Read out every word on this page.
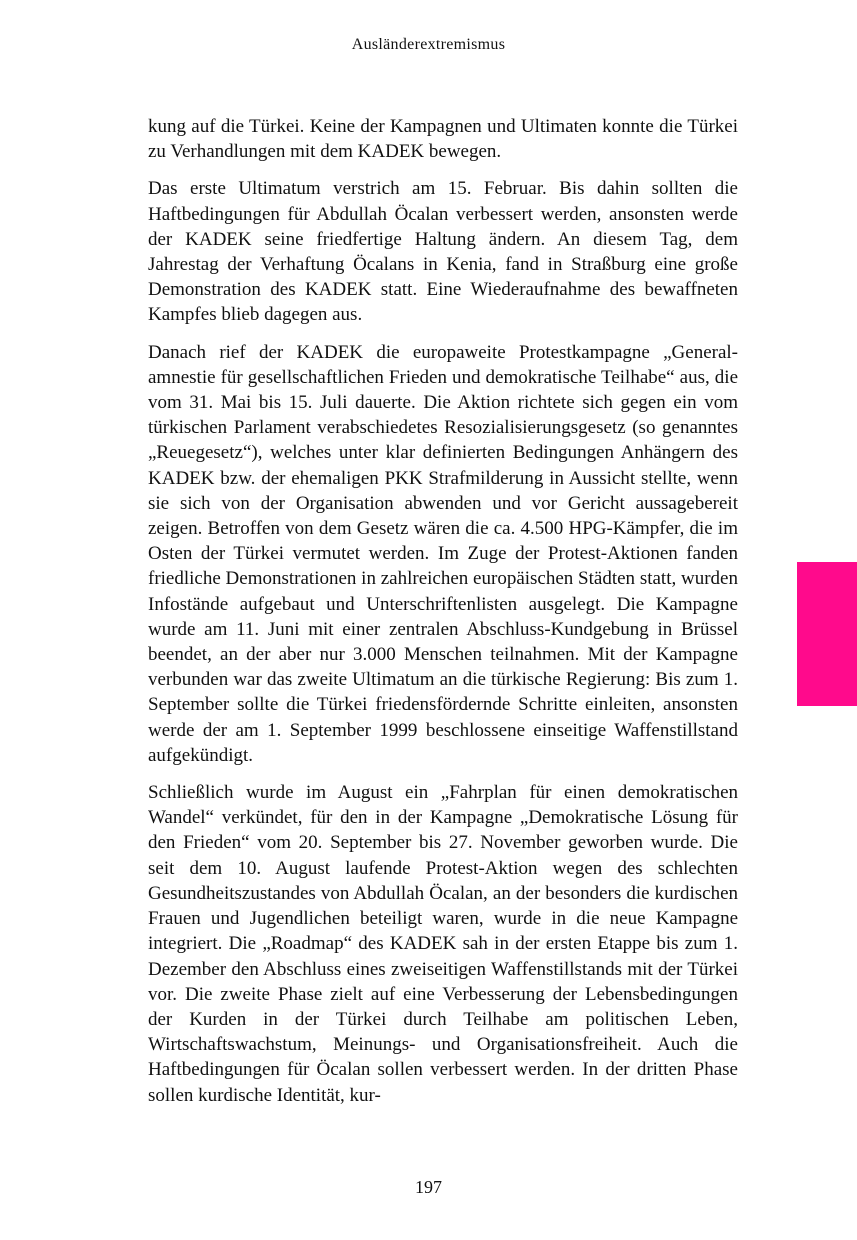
Ausländerextremismus

kung auf die Türkei. Keine der Kampagnen und Ultimaten konnte die Türkei zu Verhandlungen mit dem KADEK bewegen.

Das erste Ultimatum verstrich am 15. Februar. Bis dahin sollten die Haftbedingungen für Abdullah Öcalan verbessert werden, ansonsten werde der KADEK seine friedfertige Haltung ändern. An diesem Tag, dem Jahrestag der Verhaftung Öcalans in Kenia, fand in Straßburg eine große Demonstration des KADEK statt. Eine Wiederaufnahme des bewaffneten Kampfes blieb dagegen aus.

Danach rief der KADEK die europaweite Protestkampagne „Generalamnestie für gesellschaftlichen Frieden und demokratische Teilhabe“ aus, die vom 31. Mai bis 15. Juli dauerte. Die Aktion richtete sich gegen ein vom türkischen Parlament verabschiedetes Resozialisierungsgesetz (so genanntes „Reuegesetz“), welches unter klar definierten Bedingungen Anhängern des KADEK bzw. der ehemaligen PKK Strafmilderung in Aussicht stellte, wenn sie sich von der Organisation abwenden und vor Gericht aussagebereit zeigen. Betroffen von dem Gesetz wären die ca. 4.500 HPG-Kämpfer, die im Osten der Türkei vermutet werden. Im Zuge der Protest-Aktionen fanden friedliche Demonstrationen in zahlreichen europäischen Städten statt, wurden Infostände aufgebaut und Unterschriftenlisten ausgelegt. Die Kampagne wurde am 11. Juni mit einer zentralen Abschluss-Kundgebung in Brüssel beendet, an der aber nur 3.000 Menschen teilnahmen. Mit der Kampagne verbunden war das zweite Ultimatum an die türkische Regierung: Bis zum 1. September sollte die Türkei friedensfördernde Schritte einleiten, ansonsten werde der am 1. September 1999 beschlossene einseitige Waffenstillstand aufgekündigt.

Schließlich wurde im August ein „Fahrplan für einen demokratischen Wandel“ verkündet, für den in der Kampagne „Demokratische Lösung für den Frieden“ vom 20. September bis 27. November geworben wurde. Die seit dem 10. August laufende Protest-Aktion wegen des schlechten Gesundheitszustandes von Abdullah Öcalan, an der besonders die kurdischen Frauen und Jugendlichen beteiligt waren, wurde in die neue Kampagne integriert. Die „Roadmap“ des KADEK sah in der ersten Etappe bis zum 1. Dezember den Abschluss eines zweiseitigen Waffenstillstands mit der Türkei vor. Die zweite Phase zielt auf eine Verbesserung der Lebensbedingungen der Kurden in der Türkei durch Teilhabe am politischen Leben, Wirtschaftswachstum, Meinungs- und Organisationsfreiheit. Auch die Haftbedingungen für Öcalan sollen verbessert werden. In der dritten Phase sollen kurdische Identität, kur-

197
